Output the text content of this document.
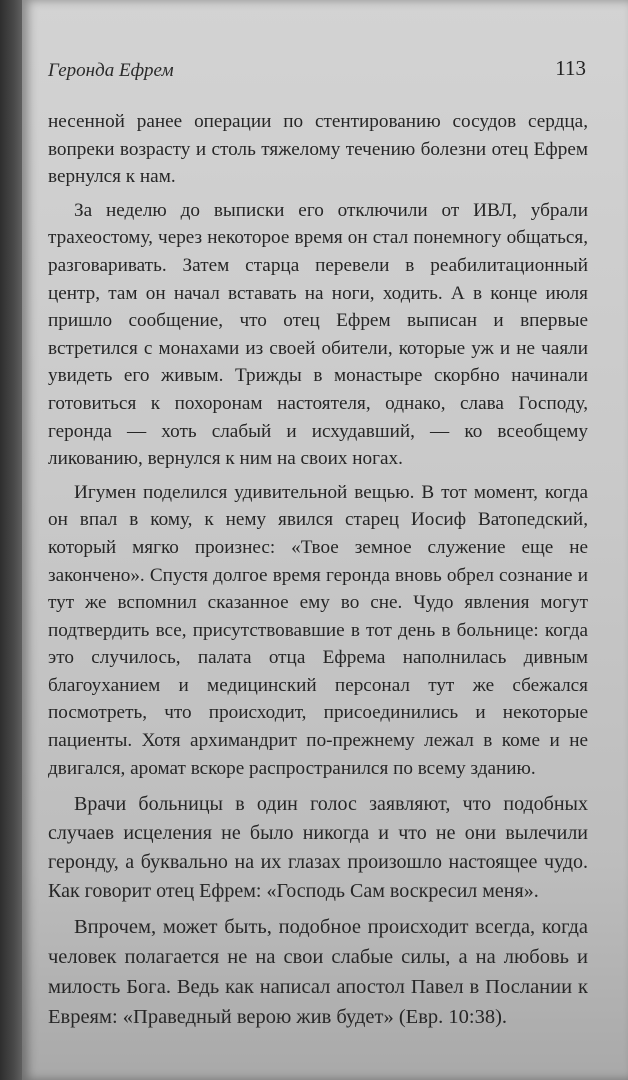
Геронда Ефрем	113

несенной ранее операции по стентированию сосудов сердца, вопреки возрасту и столь тяжелому течению болезни отец Ефрем вернулся к нам.

За неделю до выписки его отключили от ИВЛ, убрали трахеостому, через некоторое время он стал понемногу общаться, разговаривать. Затем старца перевели в реабилитационный центр, там он начал вставать на ноги, ходить. А в конце июля пришло сообщение, что отец Ефрем выписан и впервые встретился с монахами из своей обители, которые уж и не чаяли увидеть его живым. Трижды в монастыре скорбно начинали готовиться к похоронам настоятеля, однако, слава Господу, геронда — хоть слабый и исхудавший, — ко всеобщему ликованию, вернулся к ним на своих ногах.

Игумен поделился удивительной вещью. В тот момент, когда он впал в кому, к нему явился старец Иосиф Ватопедский, который мягко произнес: «Твое земное служение еще не закончено». Спустя долгое время геронда вновь обрел сознание и тут же вспомнил сказанное ему во сне. Чудо явления могут подтвердить все, присутствовавшие в тот день в больнице: когда это случилось, палата отца Ефрема наполнилась дивным благоуханием и медицинский персонал тут же сбежался посмотреть, что происходит, присоединились и некоторые пациенты. Хотя архимандрит по-прежнему лежал в коме и не двигался, аромат вскоре распространился по всему зданию.

Врачи больницы в один голос заявляют, что подобных случаев исцеления не было никогда и что не они вылечили геронду, а буквально на их глазах произошло настоящее чудо. Как говорит отец Ефрем: «Господь Сам воскресил меня».

Впрочем, может быть, подобное происходит всегда, когда человек полагается не на свои слабые силы, а на любовь и милость Бога. Ведь как написал апостол Павел в Послании к Евреям: «Праведный верою жив будет» (Евр. 10:38).
